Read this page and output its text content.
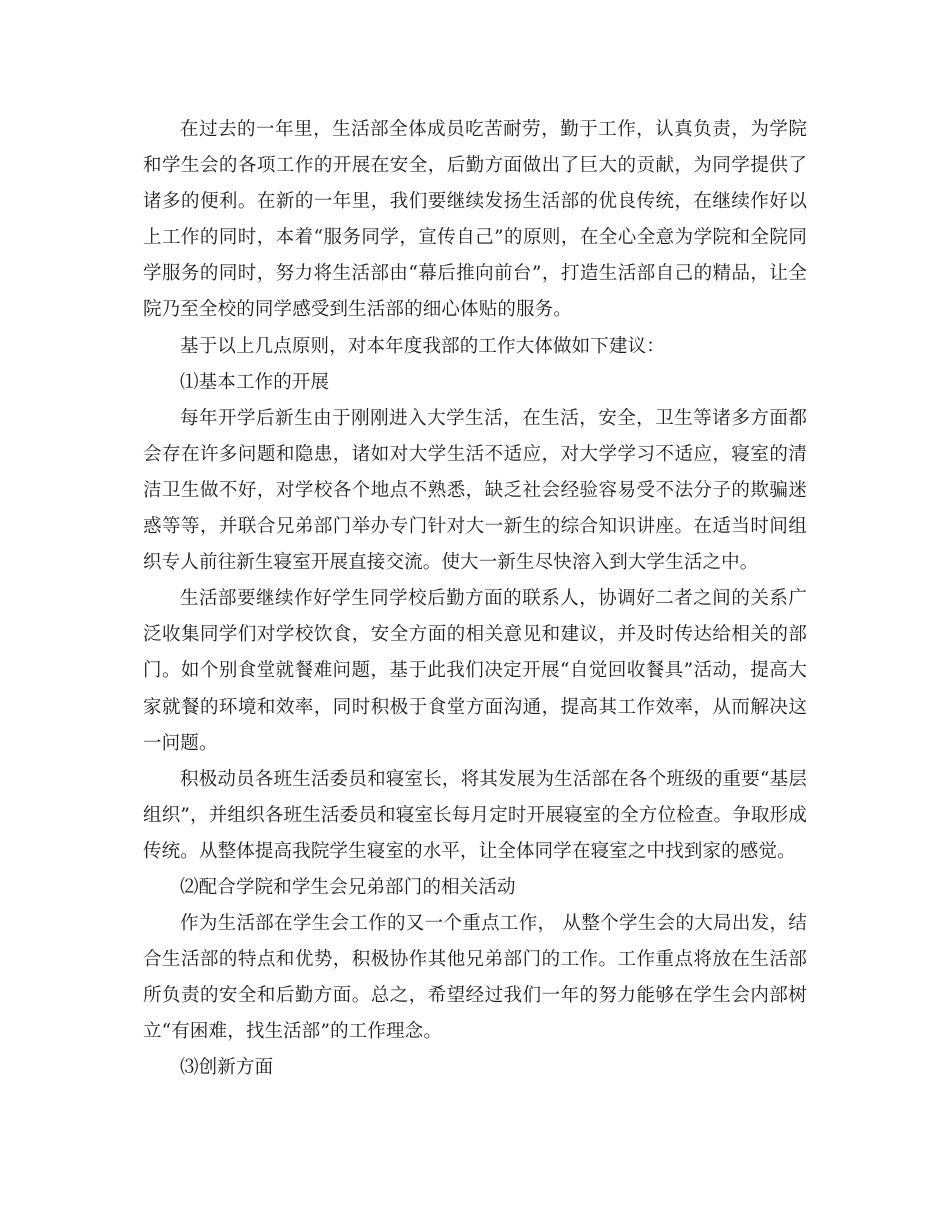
在过去的一年里，生活部全体成员吃苦耐劳，勤于工作，认真负责，为学院和学生会的各项工作的开展在安全，后勤方面做出了巨大的贡献，为同学提供了诸多的便利。在新的一年里，我们要继续发扬生活部的优良传统，在继续作好以上工作的同时，本着“服务同学，宣传自己”的原则，在全心全意为学院和全院同学服务的同时，努力将生活部由“幕后推向前台”，打造生活部自己的精品，让全院乃至全校的同学感受到生活部的细心体贴的服务。

基于以上几点原则，对本年度我部的工作大体做如下建议：

⑴基本工作的开展

每年开学后新生由于刚刚进入大学生活，在生活，安全，卫生等诸多方面都会存在许多问题和隐患，诸如对大学生活不适应，对大学学习不适应，寝室的清洁卫生做不好，对学校各个地点不熟悉，缺乏社会经验容易受不法分子的欺骗迷惑等等，并联合兄弟部门举办专门针对大一新生的综合知识讲座。在适当时间组织专人前往新生寝室开展直接交流。使大一新生尽快溶入到大学生活之中。

生活部要继续作好学生同学校后勤方面的联系人，协调好二者之间的关系广泛收集同学们对学校饮食，安全方面的相关意见和建议，并及时传达给相关的部门。如个别食堂就餐难问题，基于此我们决定开展“自觉回收餐具”活动，提高大家就餐的环境和效率，同时积极于食堂方面沟通，提高其工作效率，从而解决这一问题。

积极动员各班生活委员和寝室长，将其发展为生活部在各个班级的重要“基层组织”，并组织各班生活委员和寝室长每月定时开展寝室的全方位检查。争取形成传统。从整体提高我院学生寝室的水平，让全体同学在寝室之中找到家的感觉。

⑵配合学院和学生会兄弟部门的相关活动

作为生活部在学生会工作的又一个重点工作， 从整个学生会的大局出发，结合生活部的特点和优势，积极协作其他兄弟部门的工作。工作重点将放在生活部所负责的安全和后勤方面。总之，希望经过我们一年的努力能够在学生会内部树立“有困难，找生活部”的工作理念。

⑶创新方面
